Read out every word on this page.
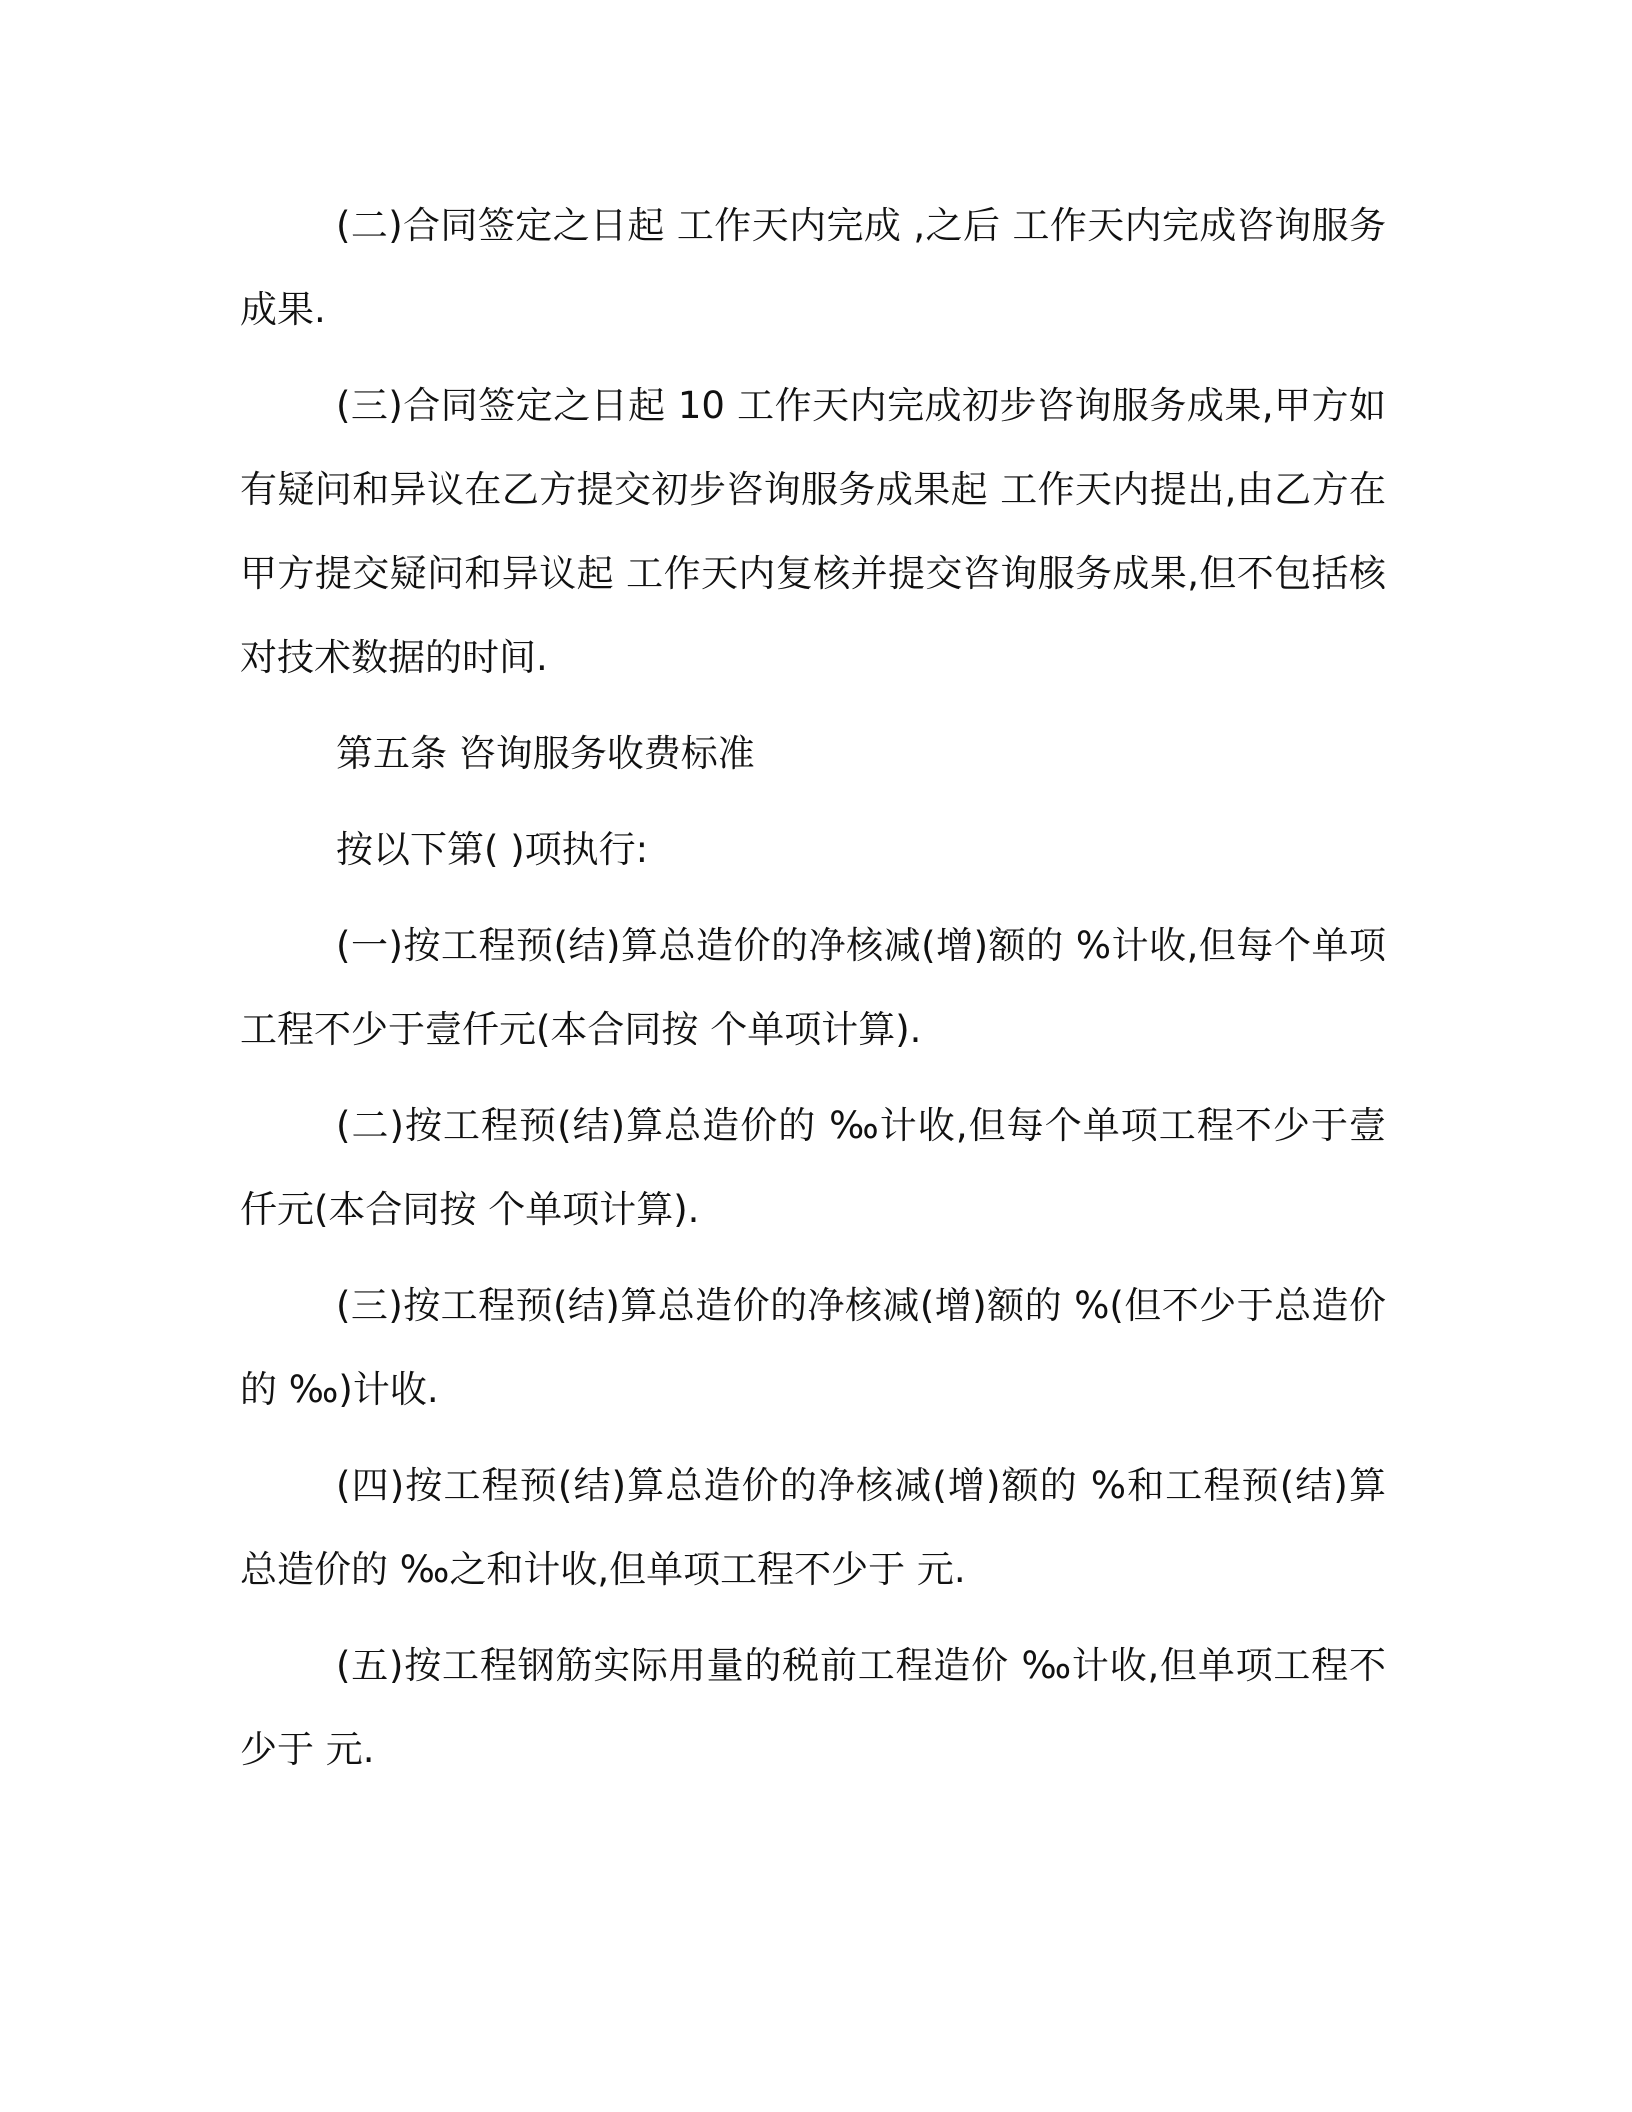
(二)合同签定之日起 工作天内完成 ,之后 工作天内完成咨询服务成果.

(三)合同签定之日起 10 工作天内完成初步咨询服务成果,甲方如有疑问和异议在乙方提交初步咨询服务成果起 工作天内提出,由乙方在甲方提交疑问和异议起 工作天内复核并提交咨询服务成果,但不包括核对技术数据的时间.

第五条 咨询服务收费标准

按以下第( )项执行:

(一)按工程预(结)算总造价的净核减(增)额的 %计收,但每个单项工程不少于壹仟元(本合同按 个单项计算).

(二)按工程预(结)算总造价的 ‰计收,但每个单项工程不少于壹仟元(本合同按 个单项计算).

(三)按工程预(结)算总造价的净核减(增)额的 %(但不少于总造价的 ‰)计收.

(四)按工程预(结)算总造价的净核减(增)额的 %和工程预(结)算总造价的 ‰之和计收,但单项工程不少于 元.

(五)按工程钢筋实际用量的税前工程造价 ‰计收,但单项工程不少于 元.
